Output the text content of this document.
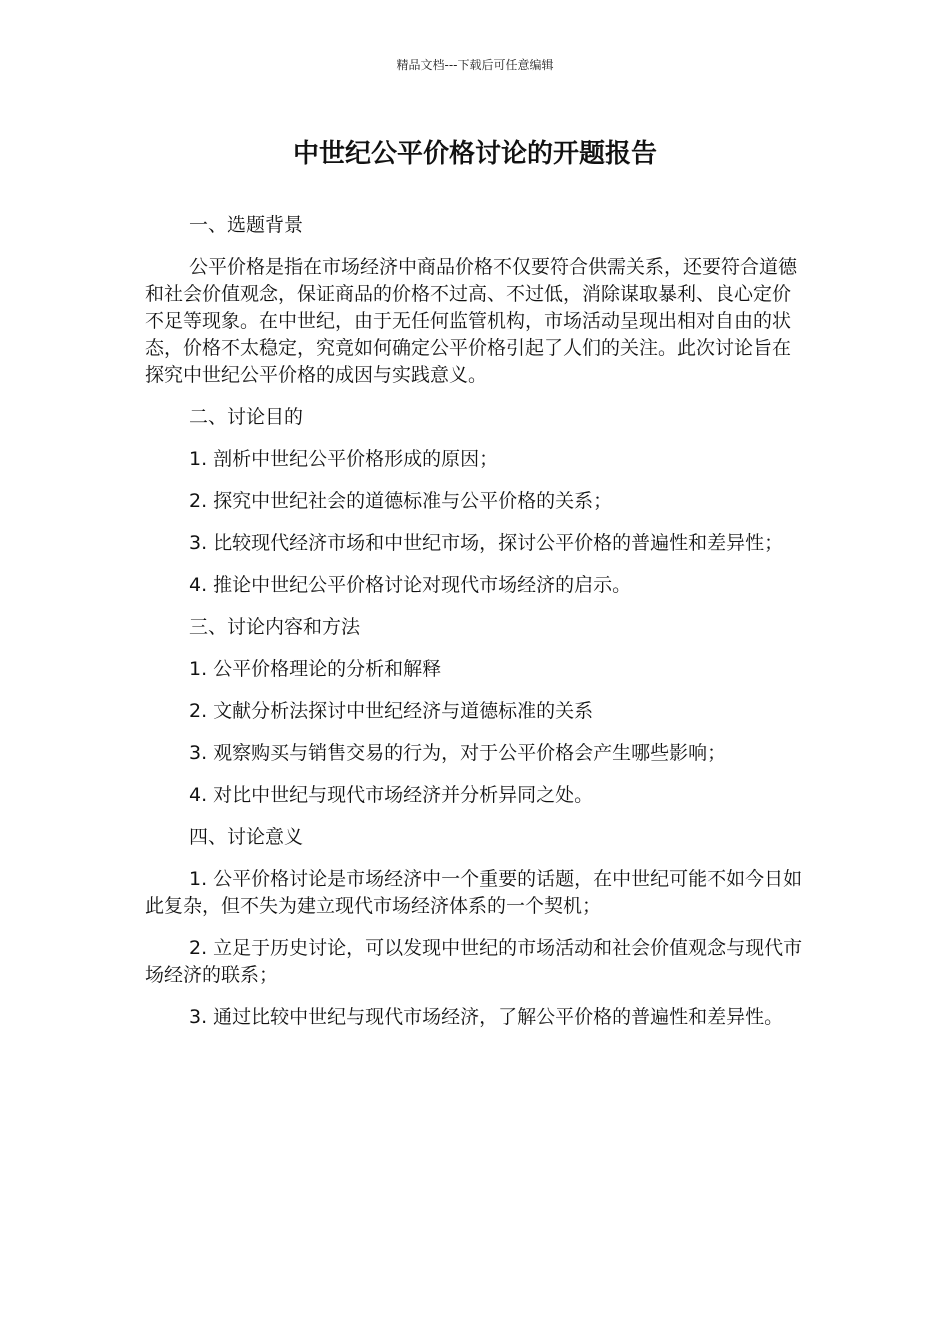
精品文档---下载后可任意编辑
中世纪公平价格讨论的开题报告

一、选题背景

公平价格是指在市场经济中商品价格不仅要符合供需关系，还要符合道德和社会价值观念，保证商品的价格不过高、不过低，消除谋取暴利、良心定价不足等现象。在中世纪，由于无任何监管机构，市场活动呈现出相对自由的状态，价格不太稳定，究竟如何确定公平价格引起了人们的关注。此次讨论旨在探究中世纪公平价格的成因与实践意义。

二、讨论目的

1. 剖析中世纪公平价格形成的原因；

2. 探究中世纪社会的道德标准与公平价格的关系；

3. 比较现代经济市场和中世纪市场，探讨公平价格的普遍性和差异性；

4. 推论中世纪公平价格讨论对现代市场经济的启示。

三、讨论内容和方法

1. 公平价格理论的分析和解释

2. 文献分析法探讨中世纪经济与道德标准的关系

3. 观察购买与销售交易的行为，对于公平价格会产生哪些影响；

4. 对比中世纪与现代市场经济并分析异同之处。

四、讨论意义

1. 公平价格讨论是市场经济中一个重要的话题，在中世纪可能不如今日如此复杂，但不失为建立现代市场经济体系的一个契机；

2. 立足于历史讨论，可以发现中世纪的市场活动和社会价值观念与现代市场经济的联系；

3. 通过比较中世纪与现代市场经济，了解公平价格的普遍性和差异性。
